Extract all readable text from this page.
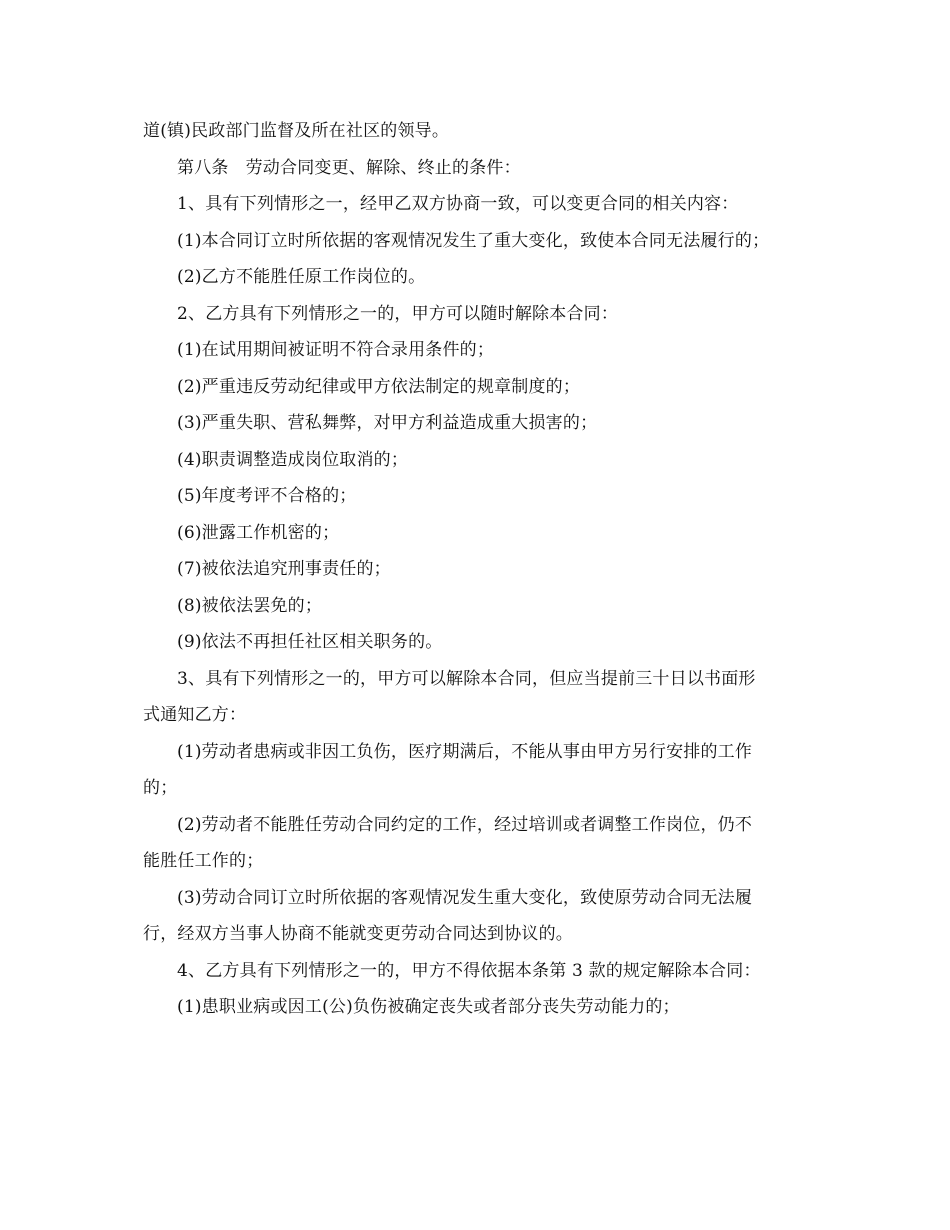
道(镇)民政部门监督及所在社区的领导。
第八条 劳动合同变更、解除、终止的条件：
1、具有下列情形之一，经甲乙双方协商一致，可以变更合同的相关内容：
(1)本合同订立时所依据的客观情况发生了重大变化，致使本合同无法履行的；
(2)乙方不能胜任原工作岗位的。
2、乙方具有下列情形之一的，甲方可以随时解除本合同：
(1)在试用期间被证明不符合录用条件的；
(2)严重违反劳动纪律或甲方依法制定的规章制度的；
(3)严重失职、营私舞弊，对甲方利益造成重大损害的；
(4)职责调整造成岗位取消的；
(5)年度考评不合格的；
(6)泄露工作机密的；
(7)被依法追究刑事责任的；
(8)被依法罢免的；
(9)依法不再担任社区相关职务的。
3、具有下列情形之一的，甲方可以解除本合同，但应当提前三十日以书面形
式通知乙方：
(1)劳动者患病或非因工负伤，医疗期满后，不能从事由甲方另行安排的工作
的；
(2)劳动者不能胜任劳动合同约定的工作，经过培训或者调整工作岗位，仍不
能胜任工作的；
(3)劳动合同订立时所依据的客观情况发生重大变化，致使原劳动合同无法履
行，经双方当事人协商不能就变更劳动合同达到协议的。
4、乙方具有下列情形之一的，甲方不得依据本条第 3 款的规定解除本合同：
(1)患职业病或因工(公)负伤被确定丧失或者部分丧失劳动能力的；
